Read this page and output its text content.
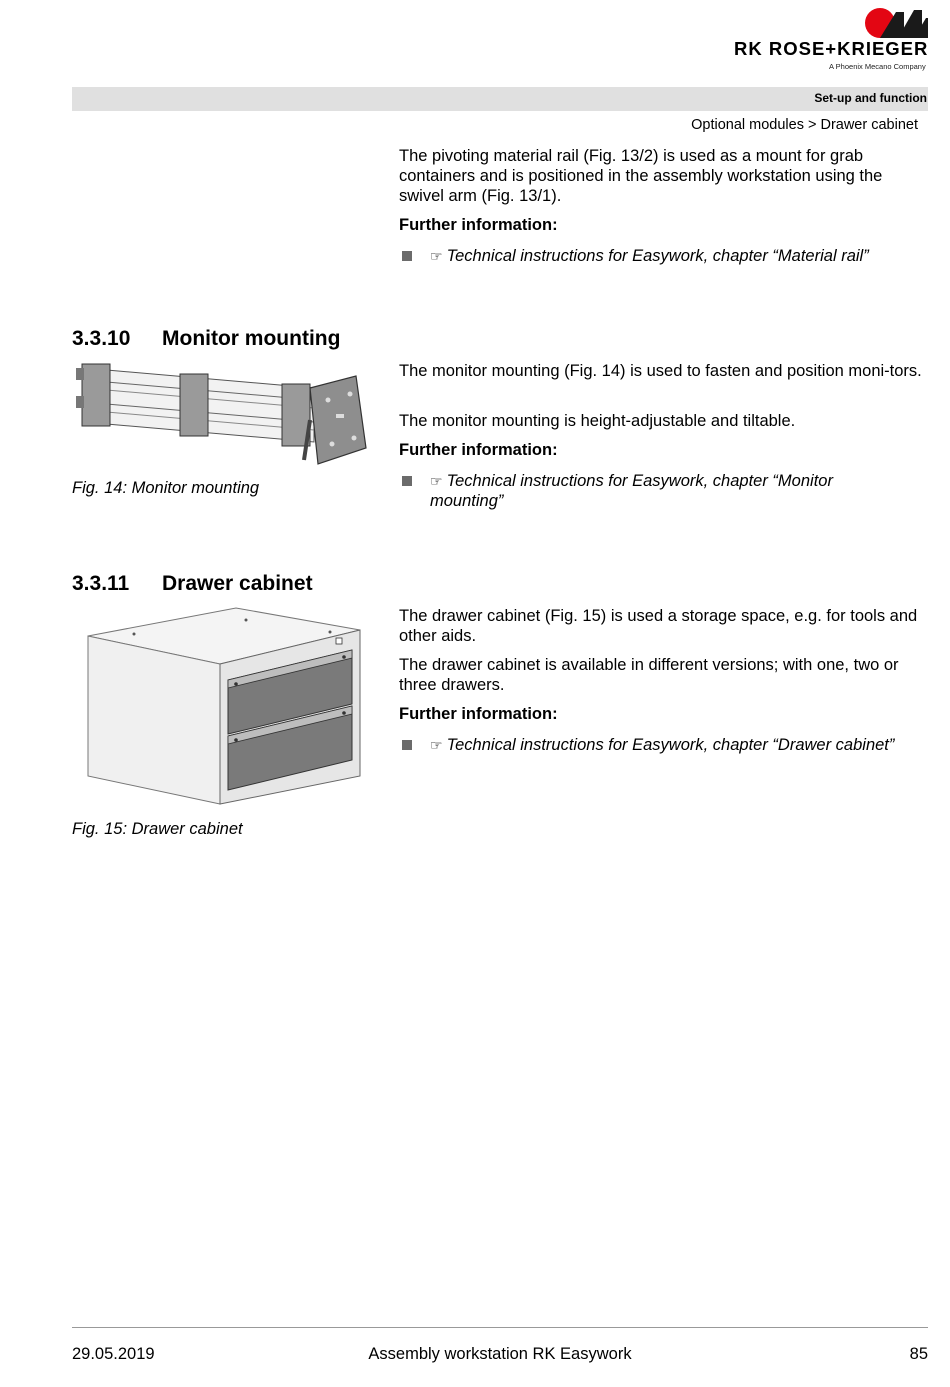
RK ROSE+KRIEGER
A Phoenix Mecano Company
Set-up and function
Optional modules > Drawer cabinet
The pivoting material rail (Fig. 13/2) is used as a mount for grab containers and is positioned in the assembly workstation using the swivel arm (Fig. 13/1).
Further information:
☞ Technical instructions for Easywork, chapter “Material rail”
3.3.10 Monitor mounting
Fig. 14: Monitor mounting
The monitor mounting (Fig. 14) is used to fasten and position moni-tors.
The monitor mounting is height-adjustable and tiltable.
Further information:
☞ Technical instructions for Easywork, chapter “Monitor mounting”
3.3.11 Drawer cabinet
Fig. 15: Drawer cabinet
The drawer cabinet (Fig. 15) is used a storage space, e.g. for tools and other aids.
The drawer cabinet is available in different versions; with one, two or three drawers.
Further information:
☞ Technical instructions for Easywork, chapter “Drawer cabinet”
29.05.2019	Assembly workstation RK Easywork	85
